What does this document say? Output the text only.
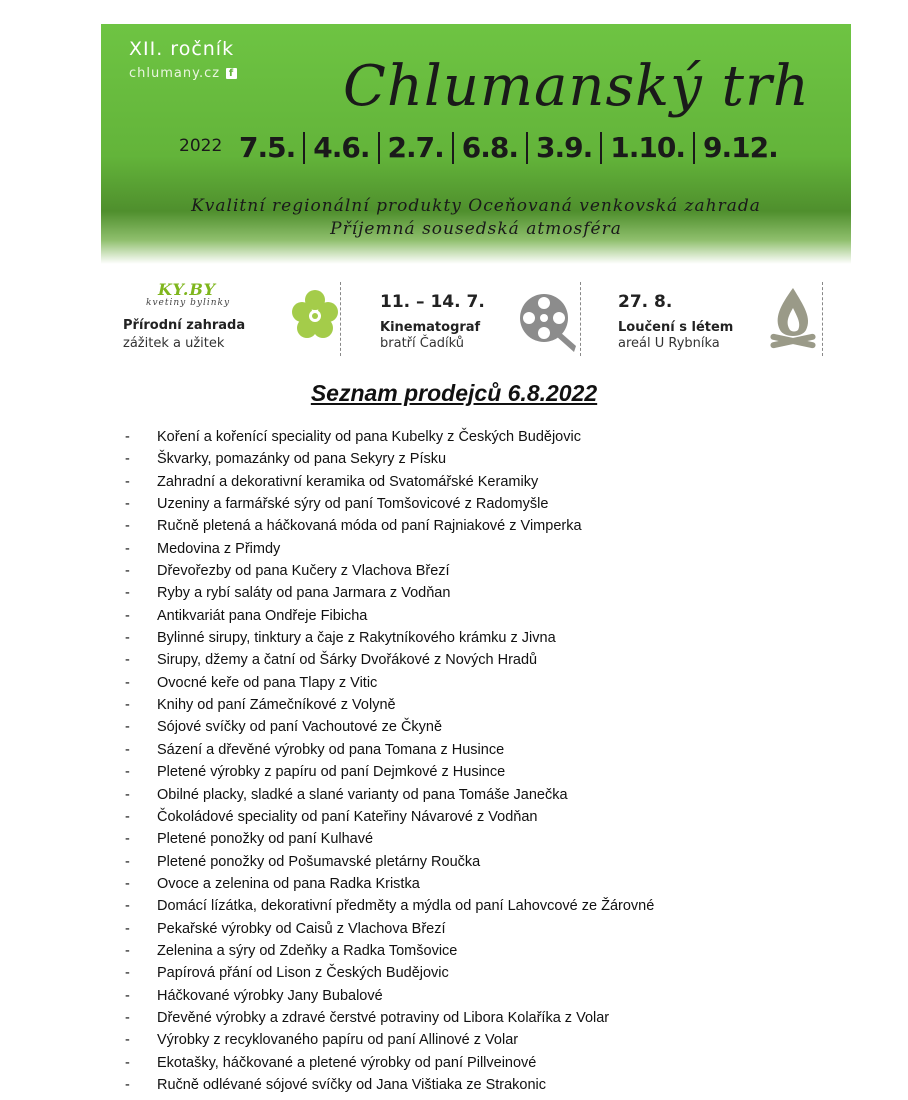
XII. ročník
chlumany.cz f Chlumanský trh
2022 7.5. 4.6. 2.7. 6.8. 3.9. 1.10. 9.12.
Kvalitní regionální produkty Oceňovaná venkovská zahrada
Příjemná sousedská atmosféra
KY.BY
kvetiny bylinky
Přírodní zahrada
zážitek a užitek
11. – 14. 7.
Kinematograf
bratří Čadíků
27. 8.
Loučení s létem
areál U Rybníka
Seznam prodejců 6.8.2022
- Koření a kořenící speciality od pana Kubelky z Českých Budějovic
- Škvarky, pomazánky od pana Sekyry z Písku
- Zahradní a dekorativní keramika od Svatomářské Keramiky
- Uzeniny a farmářské sýry od paní Tomšovicové z Radomyšle
- Ručně pletená a háčkovaná móda od paní Rajniakové z Vimperka
- Medovina z Přimdy
- Dřevořezby od pana Kučery z Vlachova Březí
- Ryby a rybí saláty od pana Jarmara z Vodňan
- Antikvariát pana Ondřeje Fibicha
- Bylinné sirupy, tinktury a čaje z Rakytníkového krámku z Jivna
- Sirupy, džemy a čatní od Šárky Dvořákové z Nových Hradů
- Ovocné keře od pana Tlapy z Vitic
- Knihy od paní Zámečníkové z Volyně
- Sójové svíčky od paní Vachoutové ze Čkyně
- Sázení a dřevěné výrobky od pana Tomana z Husince
- Pletené výrobky z papíru od paní Dejmkové z Husince
- Obilné placky, sladké a slané varianty od pana Tomáše Janečka
- Čokoládové speciality od paní Kateřiny Návarové z Vodňan
- Pletené ponožky od paní Kulhavé
- Pletené ponožky od Pošumavské pletárny Roučka
- Ovoce a zelenina od pana Radka Kristka
- Domácí lízátka, dekorativní předměty a mýdla od paní Lahovcové ze Žárovné
- Pekařské výrobky od Caisů z Vlachova Březí
- Zelenina a sýry od Zdeňky a Radka Tomšovice
- Papírová přání od Lison z Českých Budějovic
- Háčkované výrobky Jany Bubalové
- Dřevěné výrobky a zdravé čerstvé potraviny od Libora Kolaříka z Volar
- Výrobky z recyklovaného papíru od paní Allinové z Volar
- Ekotašky, háčkované a pletené výrobky od paní Pillveinové
- Ručně odlévané sójové svíčky od Jana Vištiaka ze Strakonic
